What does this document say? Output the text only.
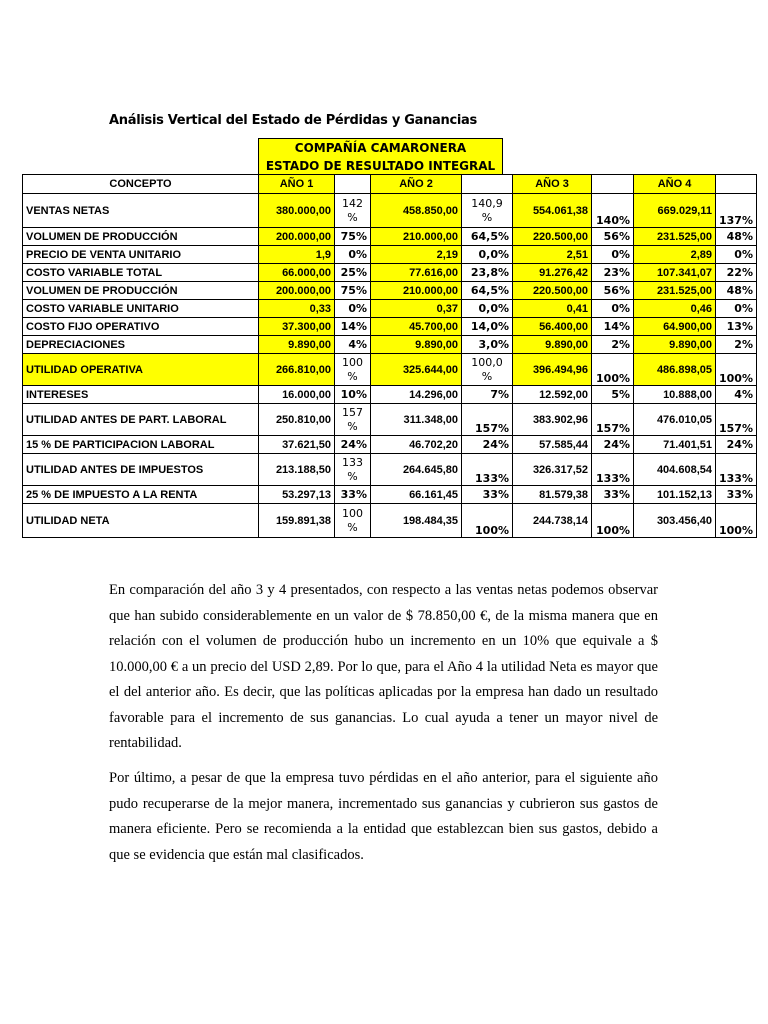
Análisis Vertical del Estado de Pérdidas y Ganancias
COMPAÑÍA CAMARONERA
ESTADO DE RESULTADO INTEGRAL
CONCEPTO	AÑO 1		AÑO 2		AÑO 3		AÑO 4	
VENTAS NETAS	380.000,00	142 %	458.850,00	140,9 %	554.061,38	140%	669.029,11	137%
VOLUMEN DE PRODUCCIÓN	200.000,00	75%	210.000,00	64,5%	220.500,00	56%	231.525,00	48%
PRECIO DE VENTA UNITARIO	1,9	0%	2,19	0,0%	2,51	0%	2,89	0%
COSTO VARIABLE TOTAL	66.000,00	25%	77.616,00	23,8%	91.276,42	23%	107.341,07	22%
VOLUMEN DE PRODUCCIÓN	200.000,00	75%	210.000,00	64,5%	220.500,00	56%	231.525,00	48%
COSTO VARIABLE UNITARIO	0,33	0%	0,37	0,0%	0,41	0%	0,46	0%
COSTO FIJO OPERATIVO	37.300,00	14%	45.700,00	14,0%	56.400,00	14%	64.900,00	13%
DEPRECIACIONES	9.890,00	4%	9.890,00	3,0%	9.890,00	2%	9.890,00	2%
UTILIDAD OPERATIVA	266.810,00	100 %	325.644,00	100,0 %	396.494,96	100%	486.898,05	100%
INTERESES	16.000,00	10%	14.296,00	7%	12.592,00	5%	10.888,00	4%
UTILIDAD ANTES DE PART. LABORAL	250.810,00	157 %	311.348,00	157%	383.902,96	157%	476.010,05	157%
15 % DE PARTICIPACION LABORAL	37.621,50	24%	46.702,20	24%	57.585,44	24%	71.401,51	24%
UTILIDAD ANTES DE IMPUESTOS	213.188,50	133 %	264.645,80	133%	326.317,52	133%	404.608,54	133%
25 % DE IMPUESTO A LA RENTA	53.297,13	33%	66.161,45	33%	81.579,38	33%	101.152,13	33%
UTILIDAD NETA	159.891,38	100 %	198.484,35	100%	244.738,14	100%	303.456,40	100%
En comparación del año 3 y 4 presentados, con respecto a las ventas netas podemos observar que han subido considerablemente en un valor de $ 78.850,00 €, de la misma manera que en relación con el volumen de producción hubo un incremento en un 10% que equivale a $ 10.000,00 € a un precio del USD 2,89. Por lo que, para el Año 4 la utilidad Neta es mayor que el del anterior año. Es decir, que las políticas aplicadas por la empresa han dado un resultado favorable para el incremento de sus ganancias. Lo cual ayuda a tener un mayor nivel de rentabilidad.
Por último, a pesar de que la empresa tuvo pérdidas en el año anterior, para el siguiente año pudo recuperarse de la mejor manera, incrementado sus ganancias y cubrieron sus gastos de manera eficiente. Pero se recomienda a la entidad que establezcan bien sus gastos, debido a que se evidencia que están mal clasificados.
